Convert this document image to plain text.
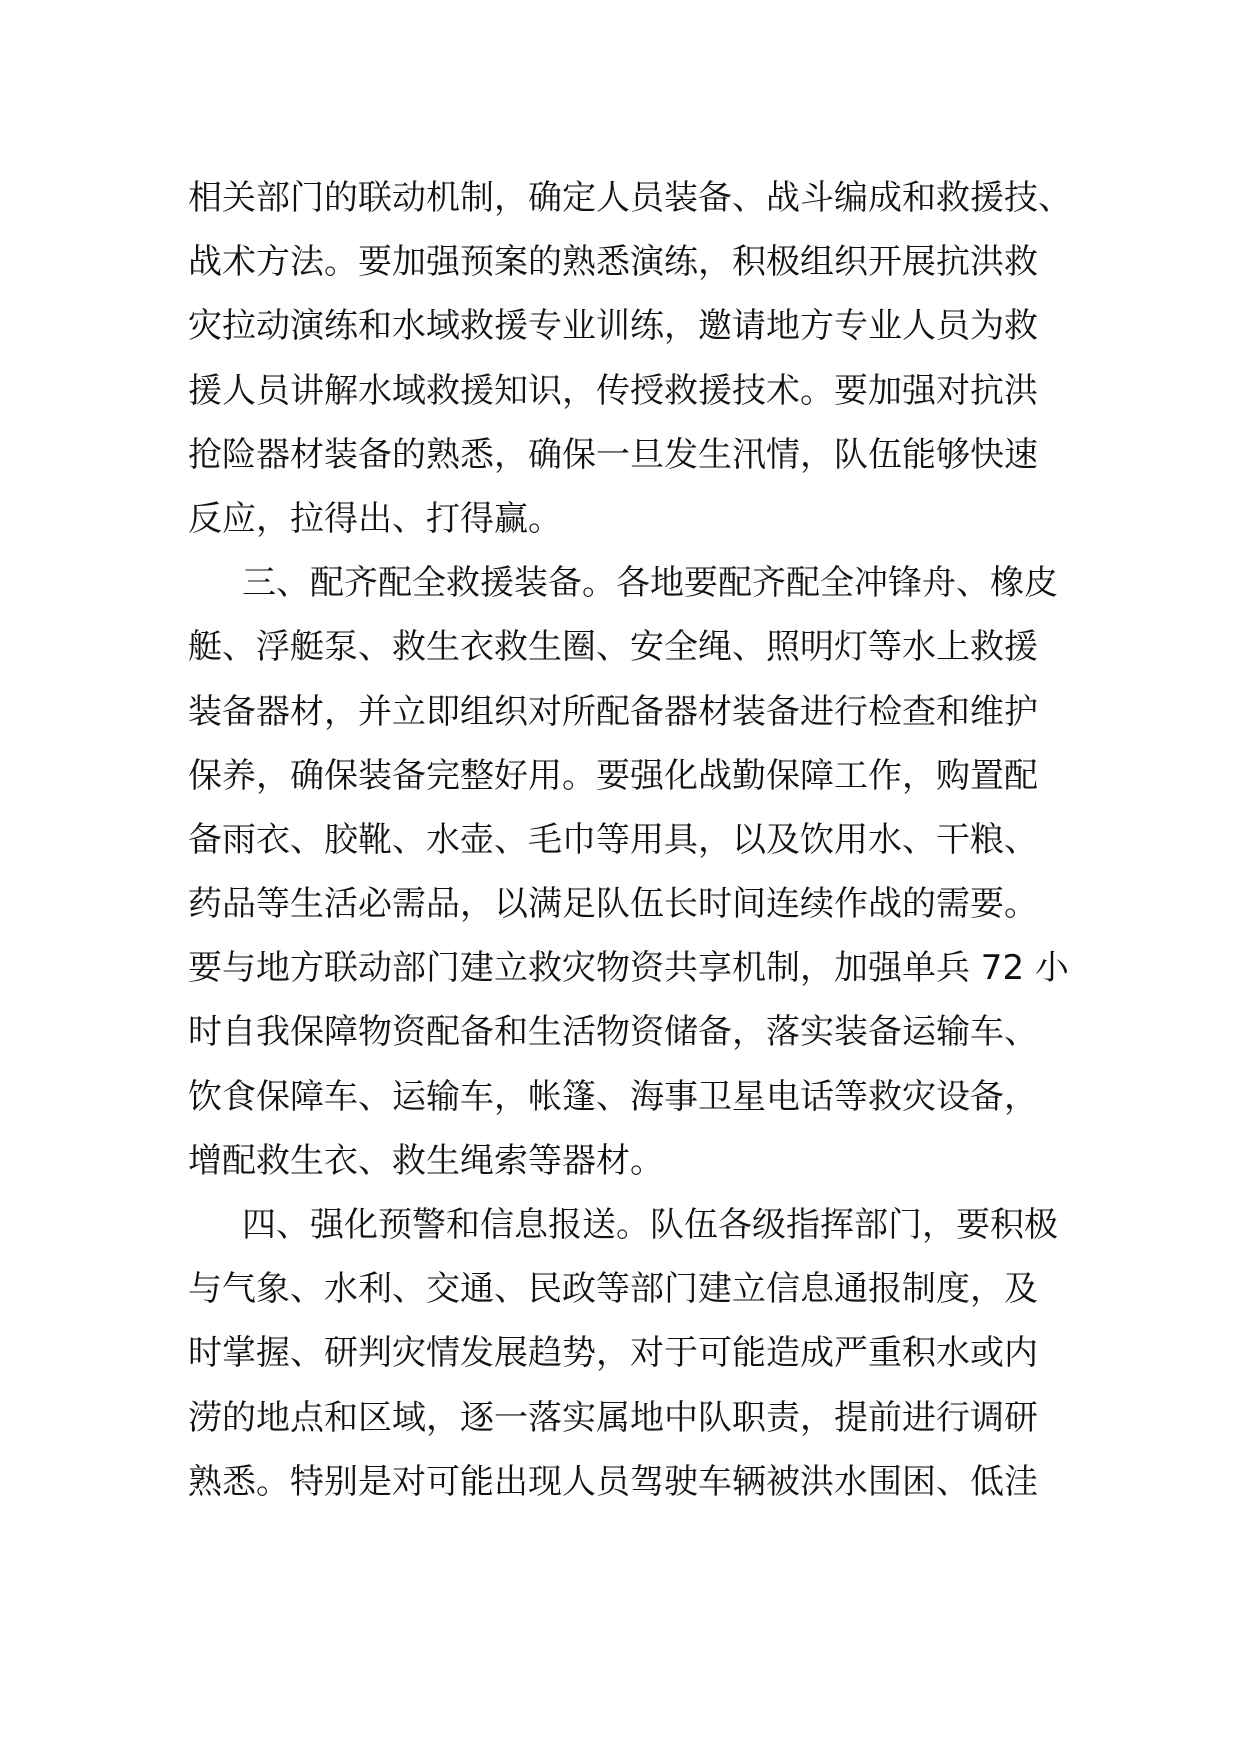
相关部门的联动机制，确定人员装备、战斗编成和救援技、
战术方法。要加强预案的熟悉演练，积极组织开展抗洪救
灾拉动演练和水域救援专业训练，邀请地方专业人员为救
援人员讲解水域救援知识，传授救援技术。要加强对抗洪
抢险器材装备的熟悉，确保一旦发生汛情，队伍能够快速
反应，拉得出、打得赢。
三、配齐配全救援装备。各地要配齐配全冲锋舟、橡皮
艇、浮艇泵、救生衣救生圈、安全绳、照明灯等水上救援
装备器材，并立即组织对所配备器材装备进行检查和维护
保养，确保装备完整好用。要强化战勤保障工作，购置配
备雨衣、胶靴、水壶、毛巾等用具，以及饮用水、干粮、
药品等生活必需品，以满足队伍长时间连续作战的需要。
要与地方联动部门建立救灾物资共享机制，加强单兵 72 小
时自我保障物资配备和生活物资储备，落实装备运输车、
饮食保障车、运输车，帐篷、海事卫星电话等救灾设备，
增配救生衣、救生绳索等器材。
四、强化预警和信息报送。队伍各级指挥部门，要积极
与气象、水利、交通、民政等部门建立信息通报制度，及
时掌握、研判灾情发展趋势，对于可能造成严重积水或内
涝的地点和区域，逐一落实属地中队职责，提前进行调研
熟悉。特别是对可能出现人员驾驶车辆被洪水围困、低洼
